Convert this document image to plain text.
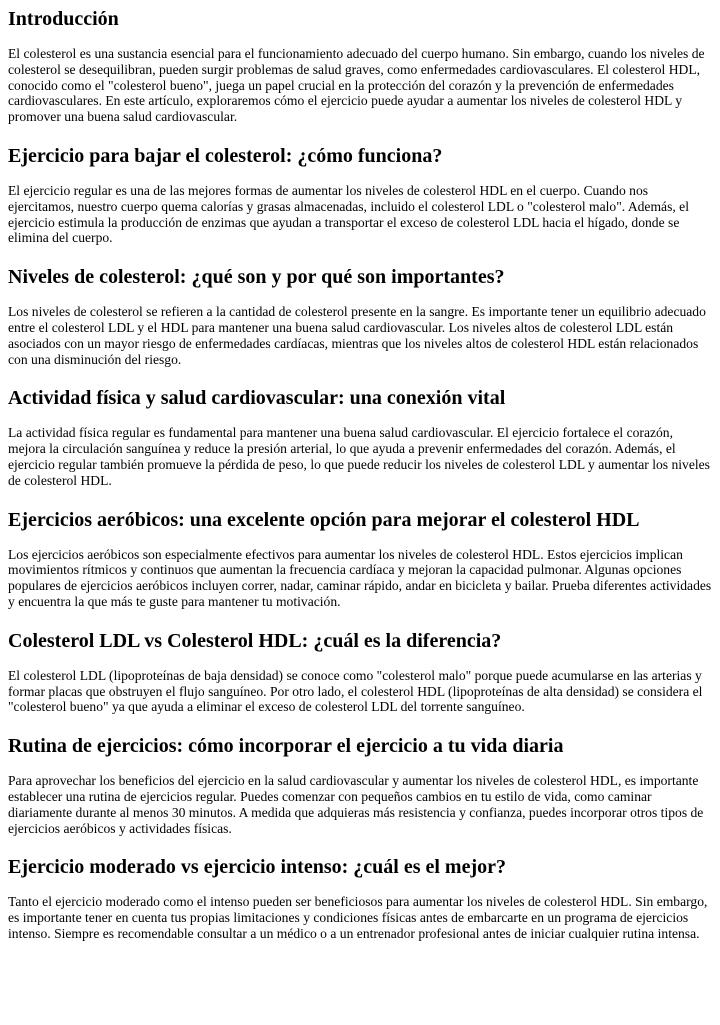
Introducción

El colesterol es una sustancia esencial para el funcionamiento adecuado del cuerpo humano. Sin embargo, cuando los niveles de colesterol se desequilibran, pueden surgir problemas de salud graves, como enfermedades cardiovasculares. El colesterol HDL, conocido como el "colesterol bueno", juega un papel crucial en la protección del corazón y la prevención de enfermedades cardiovasculares. En este artículo, exploraremos cómo el ejercicio puede ayudar a aumentar los niveles de colesterol HDL y promover una buena salud cardiovascular.

Ejercicio para bajar el colesterol: ¿cómo funciona?

El ejercicio regular es una de las mejores formas de aumentar los niveles de colesterol HDL en el cuerpo. Cuando nos ejercitamos, nuestro cuerpo quema calorías y grasas almacenadas, incluido el colesterol LDL o "colesterol malo". Además, el ejercicio estimula la producción de enzimas que ayudan a transportar el exceso de colesterol LDL hacia el hígado, donde se elimina del cuerpo.

Niveles de colesterol: ¿qué son y por qué son importantes?

Los niveles de colesterol se refieren a la cantidad de colesterol presente en la sangre. Es importante tener un equilibrio adecuado entre el colesterol LDL y el HDL para mantener una buena salud cardiovascular. Los niveles altos de colesterol LDL están asociados con un mayor riesgo de enfermedades cardíacas, mientras que los niveles altos de colesterol HDL están relacionados con una disminución del riesgo.

Actividad física y salud cardiovascular: una conexión vital

La actividad física regular es fundamental para mantener una buena salud cardiovascular. El ejercicio fortalece el corazón, mejora la circulación sanguínea y reduce la presión arterial, lo que ayuda a prevenir enfermedades del corazón. Además, el ejercicio regular también promueve la pérdida de peso, lo que puede reducir los niveles de colesterol LDL y aumentar los niveles de colesterol HDL.

Ejercicios aeróbicos: una excelente opción para mejorar el colesterol HDL

Los ejercicios aeróbicos son especialmente efectivos para aumentar los niveles de colesterol HDL. Estos ejercicios implican movimientos rítmicos y continuos que aumentan la frecuencia cardíaca y mejoran la capacidad pulmonar. Algunas opciones populares de ejercicios aeróbicos incluyen correr, nadar, caminar rápido, andar en bicicleta y bailar. Prueba diferentes actividades y encuentra la que más te guste para mantener tu motivación.

Colesterol LDL vs Colesterol HDL: ¿cuál es la diferencia?

El colesterol LDL (lipoproteínas de baja densidad) se conoce como "colesterol malo" porque puede acumularse en las arterias y formar placas que obstruyen el flujo sanguíneo. Por otro lado, el colesterol HDL (lipoproteínas de alta densidad) se considera el "colesterol bueno" ya que ayuda a eliminar el exceso de colesterol LDL del torrente sanguíneo.

Rutina de ejercicios: cómo incorporar el ejercicio a tu vida diaria

Para aprovechar los beneficios del ejercicio en la salud cardiovascular y aumentar los niveles de colesterol HDL, es importante establecer una rutina de ejercicios regular. Puedes comenzar con pequeños cambios en tu estilo de vida, como caminar diariamente durante al menos 30 minutos. A medida que adquieras más resistencia y confianza, puedes incorporar otros tipos de ejercicios aeróbicos y actividades físicas.

Ejercicio moderado vs ejercicio intenso: ¿cuál es el mejor?

Tanto el ejercicio moderado como el intenso pueden ser beneficiosos para aumentar los niveles de colesterol HDL. Sin embargo, es importante tener en cuenta tus propias limitaciones y condiciones físicas antes de embarcarte en un programa de ejercicios intenso. Siempre es recomendable consultar a un médico o a un entrenador profesional antes de iniciar cualquier rutina intensa.
